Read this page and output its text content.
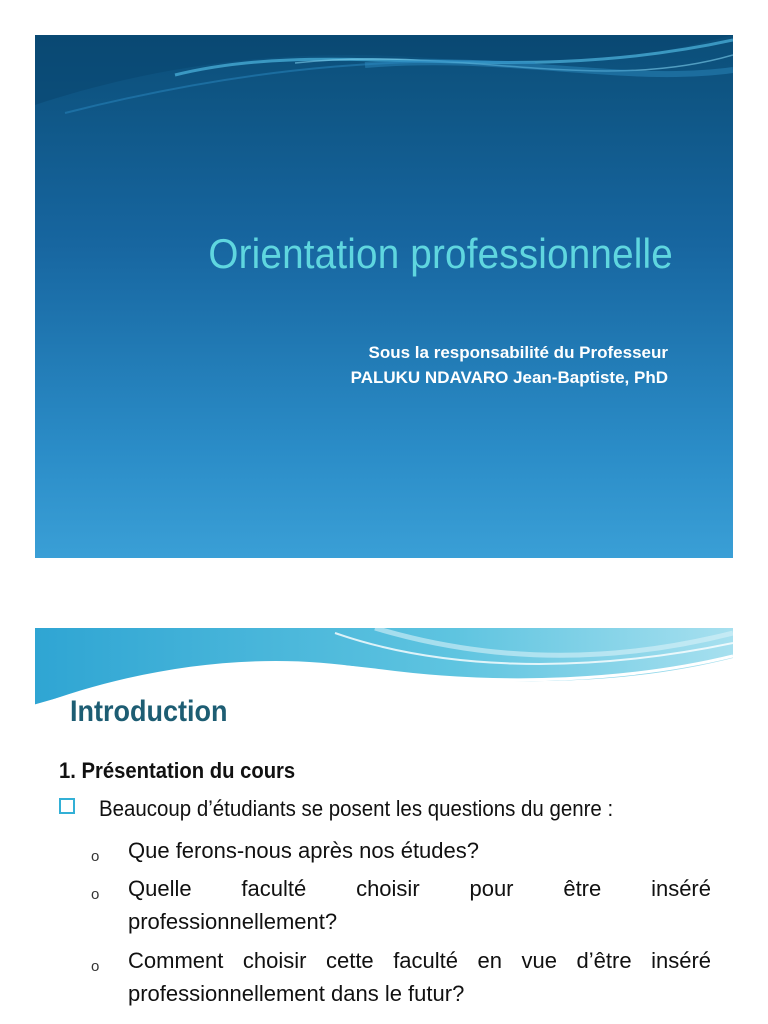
Orientation professionnelle
Sous la responsabilité du Professeur
PALUKU NDAVARO Jean-Baptiste, PhD
Introduction
1. Présentation du cours
Beaucoup d’étudiants se posent les questions du genre :
o	Que ferons-nous après nos études?
o	Quelle faculté choisir pour être inséré
professionnellement?
o	Comment choisir cette faculté en vue d’être inséré
professionnellement dans le futur?
